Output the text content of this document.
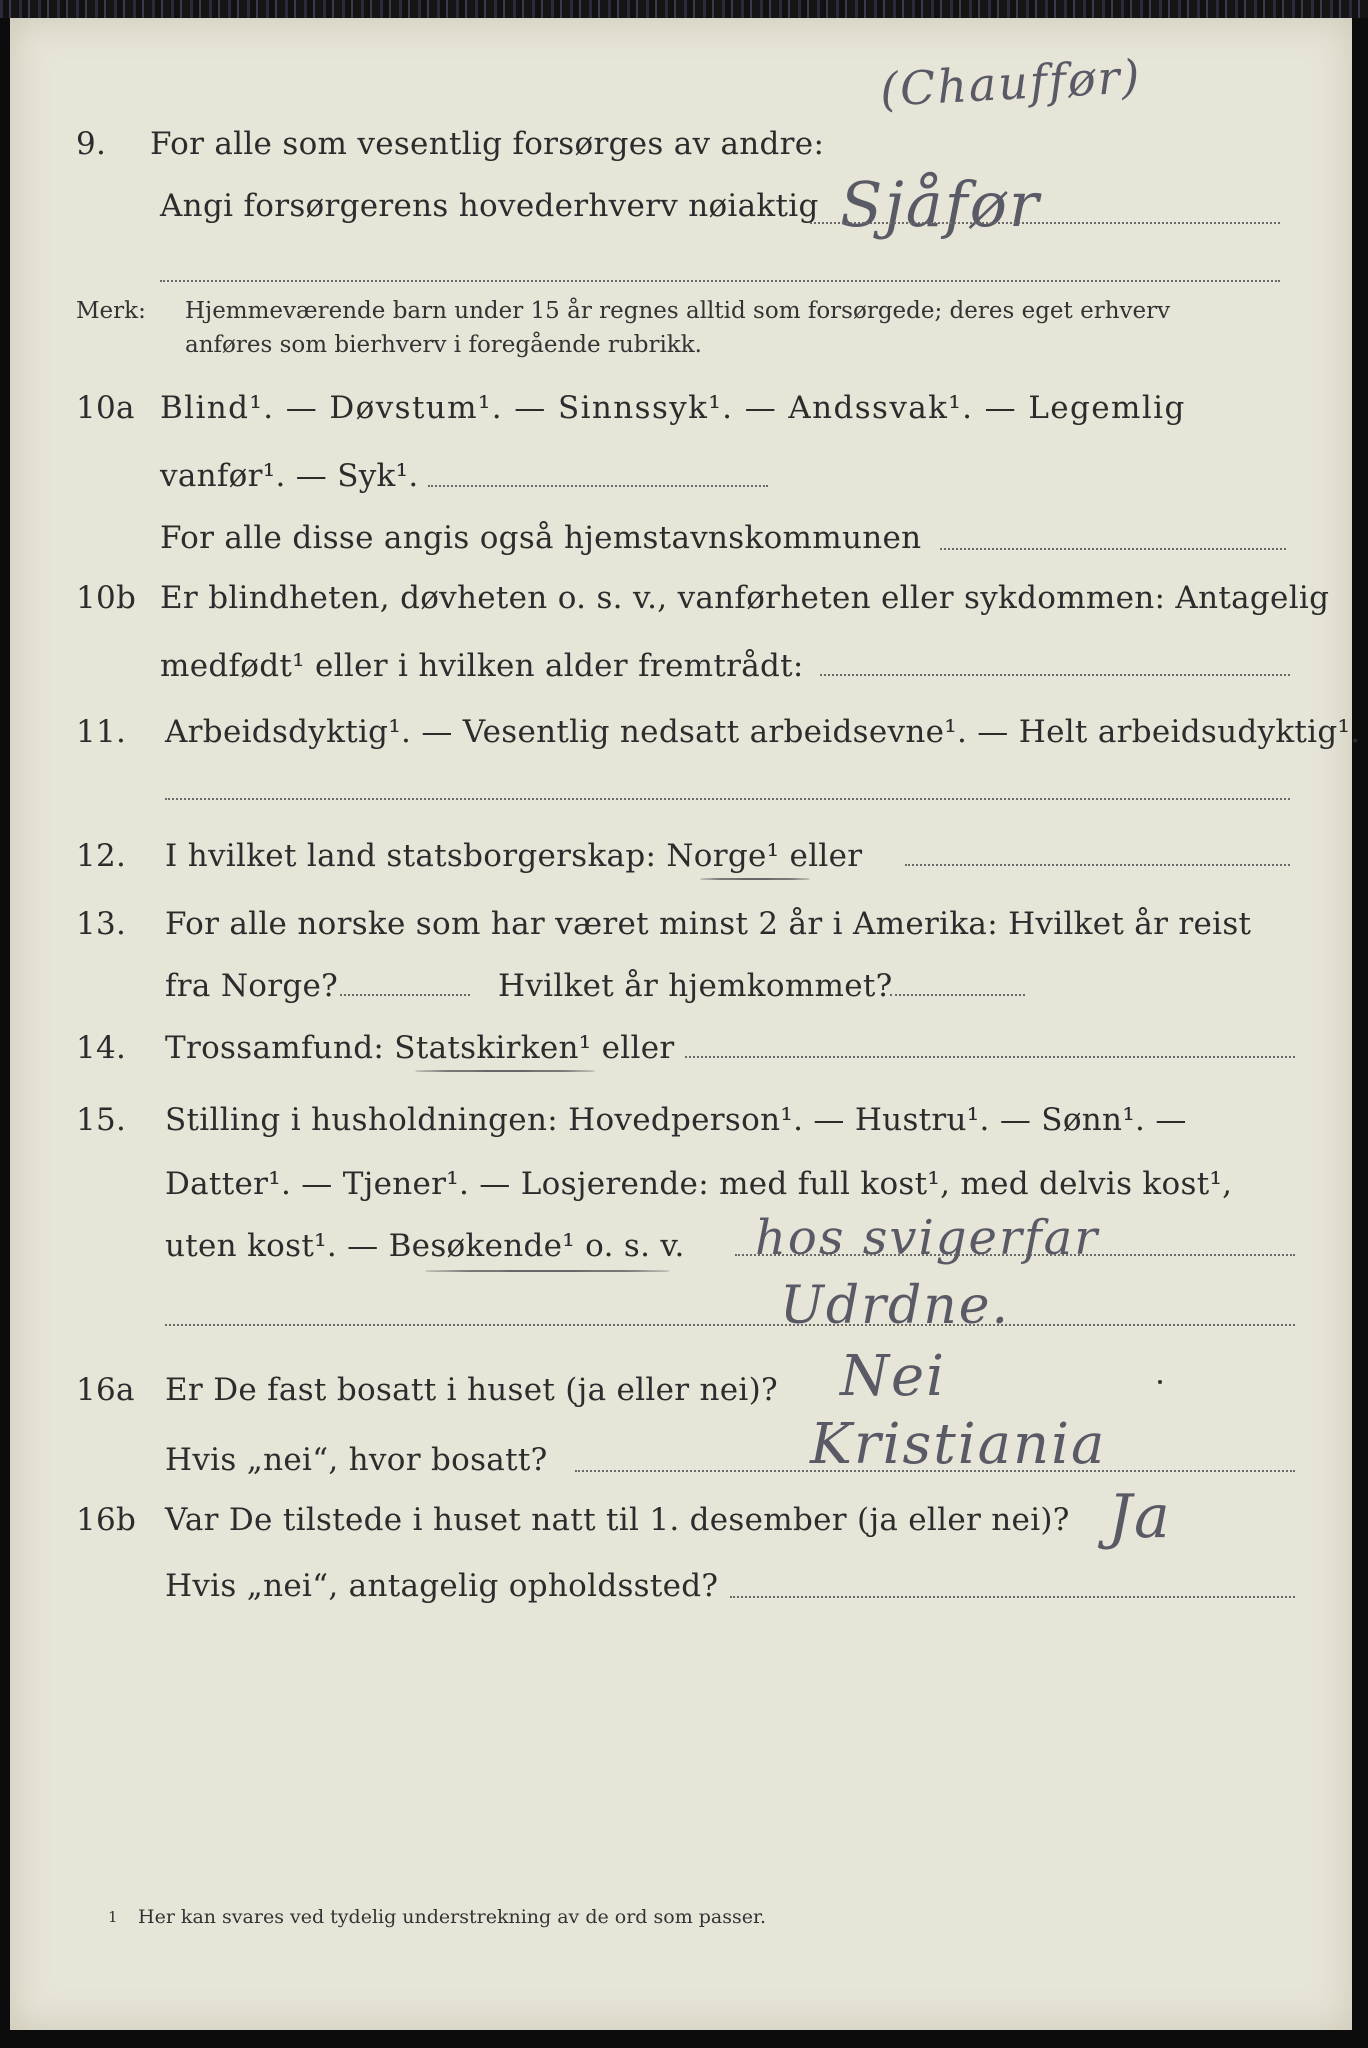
(Chauffør)
9. For alle som vesentlig forsørges av andre:
Angi forsørgerens hovederhverv nøiaktig Sjåfør
Merk: Hjemmeværende barn under 15 år regnes alltid som forsørgede; deres eget erhverv
anføres som bierhverv i foregående rubrikk.
10a Blind¹. — Døvstum¹. — Sinnssyk¹. — Andssvak¹. — Legemlig
vanfør¹. — Syk¹.
For alle disse angis også hjemstavnskommunen
10b Er blindheten, døvheten o. s. v., vanførheten eller sykdommen: Antagelig
medfødt¹ eller i hvilken alder fremtrådt:
11. Arbeidsdyktig¹. — Vesentlig nedsatt arbeidsevne¹. — Helt arbeidsudyktig¹.
12. I hvilket land statsborgerskap: Norge¹ eller
13. For alle norske som har været minst 2 år i Amerika: Hvilket år reist
fra Norge?	Hvilket år hjemkommet?
14. Trossamfund: Statskirken¹ eller
15. Stilling i husholdningen: Hovedperson¹. — Hustru¹. — Sønn¹. —
Datter¹. — Tjener¹. — Losjerende: med full kost¹, med delvis kost¹,
uten kost¹. — Besøkende¹ o. s. v. hos svigerfar
Udrdne.
16a Er De fast bosatt i huset (ja eller nei)? Nei
Hvis „nei“, hvor bosatt?	Kristiania
16b Var De tilstede i huset natt til 1. desember (ja eller nei)? Ja
Hvis „nei“, antagelig opholdssted?
1 Her kan svares ved tydelig understrekning av de ord som passer.
